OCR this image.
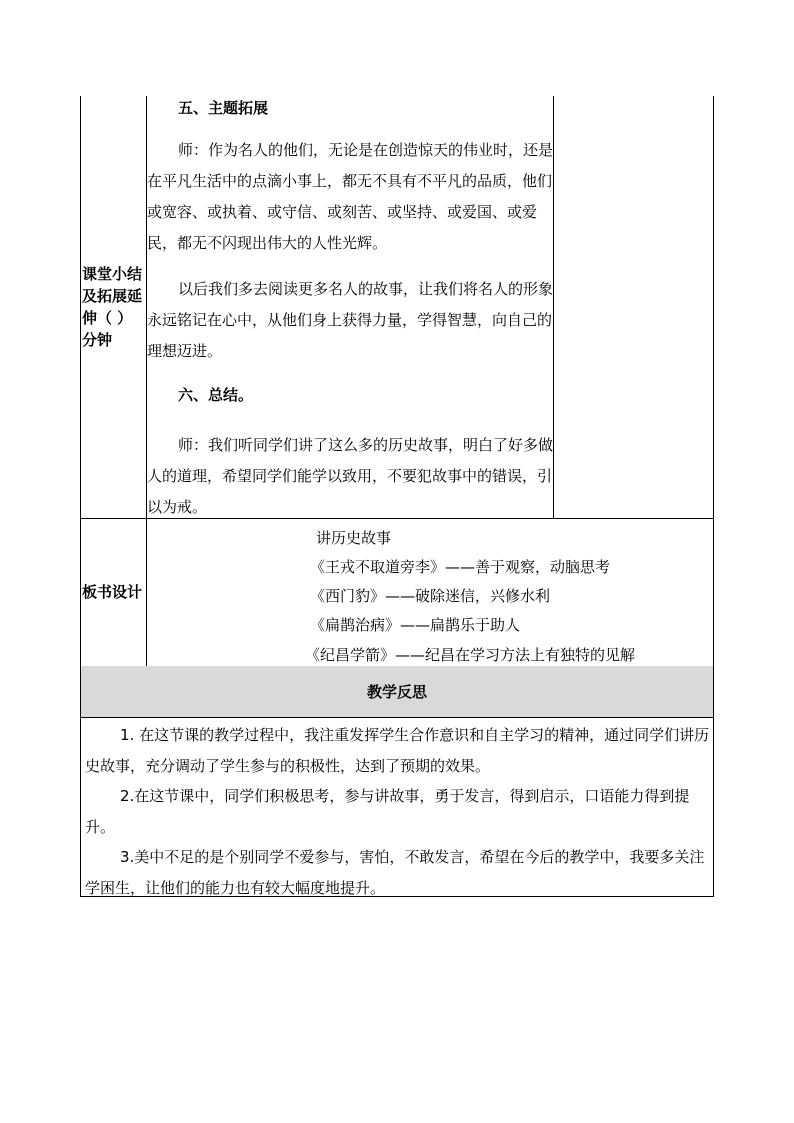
课堂小结及拓展延伸（ ）分钟
五、主题拓展
师：作为名人的他们，无论是在创造惊天的伟业时，还是在平凡生活中的点滴小事上，都无不具有不平凡的品质，他们或宽容、或执着、或守信、或刻苦、或坚持、或爱国、或爱民，都无不闪现出伟大的人性光辉。
以后我们多去阅读更多名人的故事，让我们将名人的形象永远铭记在心中，从他们身上获得力量，学得智慧，向自己的理想迈进。
六、总结。
师：我们听同学们讲了这么多的历史故事，明白了好多做人的道理，希望同学们能学以致用，不要犯故事中的错误，引以为戒。
板书设计
讲历史故事
《王戎不取道旁李》——善于观察，动脑思考
《西门豹》——破除迷信，兴修水利
《扁鹊治病》——扁鹊乐于助人
《纪昌学箭》——纪昌在学习方法上有独特的见解
教学反思
1. 在这节课的教学过程中，我注重发挥学生合作意识和自主学习的精神，通过同学们讲历史故事，充分调动了学生参与的积极性，达到了预期的效果。
2.在这节课中，同学们积极思考，参与讲故事，勇于发言，得到启示，口语能力得到提升。
3.美中不足的是个别同学不爱参与，害怕，不敢发言，希望在今后的教学中，我要多关注学困生，让他们的能力也有较大幅度地提升。
